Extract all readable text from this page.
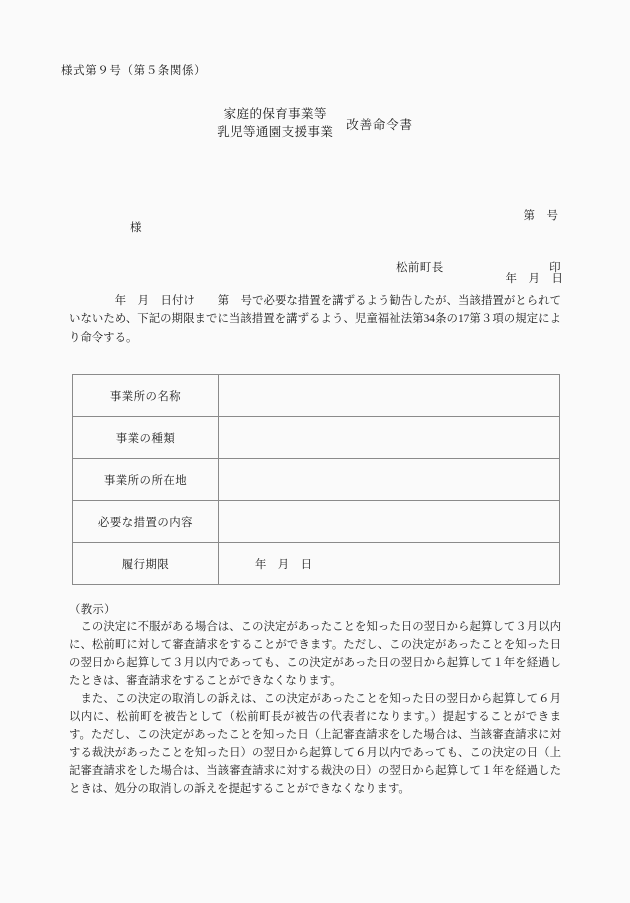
様式第９号（第５条関係）
家庭的保育事業等
乳児等通園支援事業 改善命令書

第　号

年　月　日

様
松前町長	印
　　　　年　月　日付け　　第　号で必要な措置を講ずるよう勧告したが、当該措置がとられていないため、下記の期限までに当該措置を講ずるよう、児童福祉法第34条の17第３項の規定により命令する。
事業所の名称	
事業の種類	
事業所の所在地	
必要な措置の内容	
履行期限	年　月　日
（教示）

　この決定に不服がある場合は、この決定があったことを知った日の翌日から起算して３月以内に、松前町に対して審査請求をすることができます。ただし、この決定があったことを知った日の翌日から起算して３月以内であっても、この決定があった日の翌日から起算して１年を経過したときは、審査請求をすることができなくなります。

　また、この決定の取消しの訴えは、この決定があったことを知った日の翌日から起算して６月以内に、松前町を被告として（松前町長が被告の代表者になります。）提起することができます。ただし、この決定があったことを知った日（上記審査請求をした場合は、当該審査請求に対する裁決があったことを知った日）の翌日から起算して６月以内であっても、この決定の日（上記審査請求をした場合は、当該審査請求に対する裁決の日）の翌日から起算して１年を経過したときは、処分の取消しの訴えを提起することができなくなります。
